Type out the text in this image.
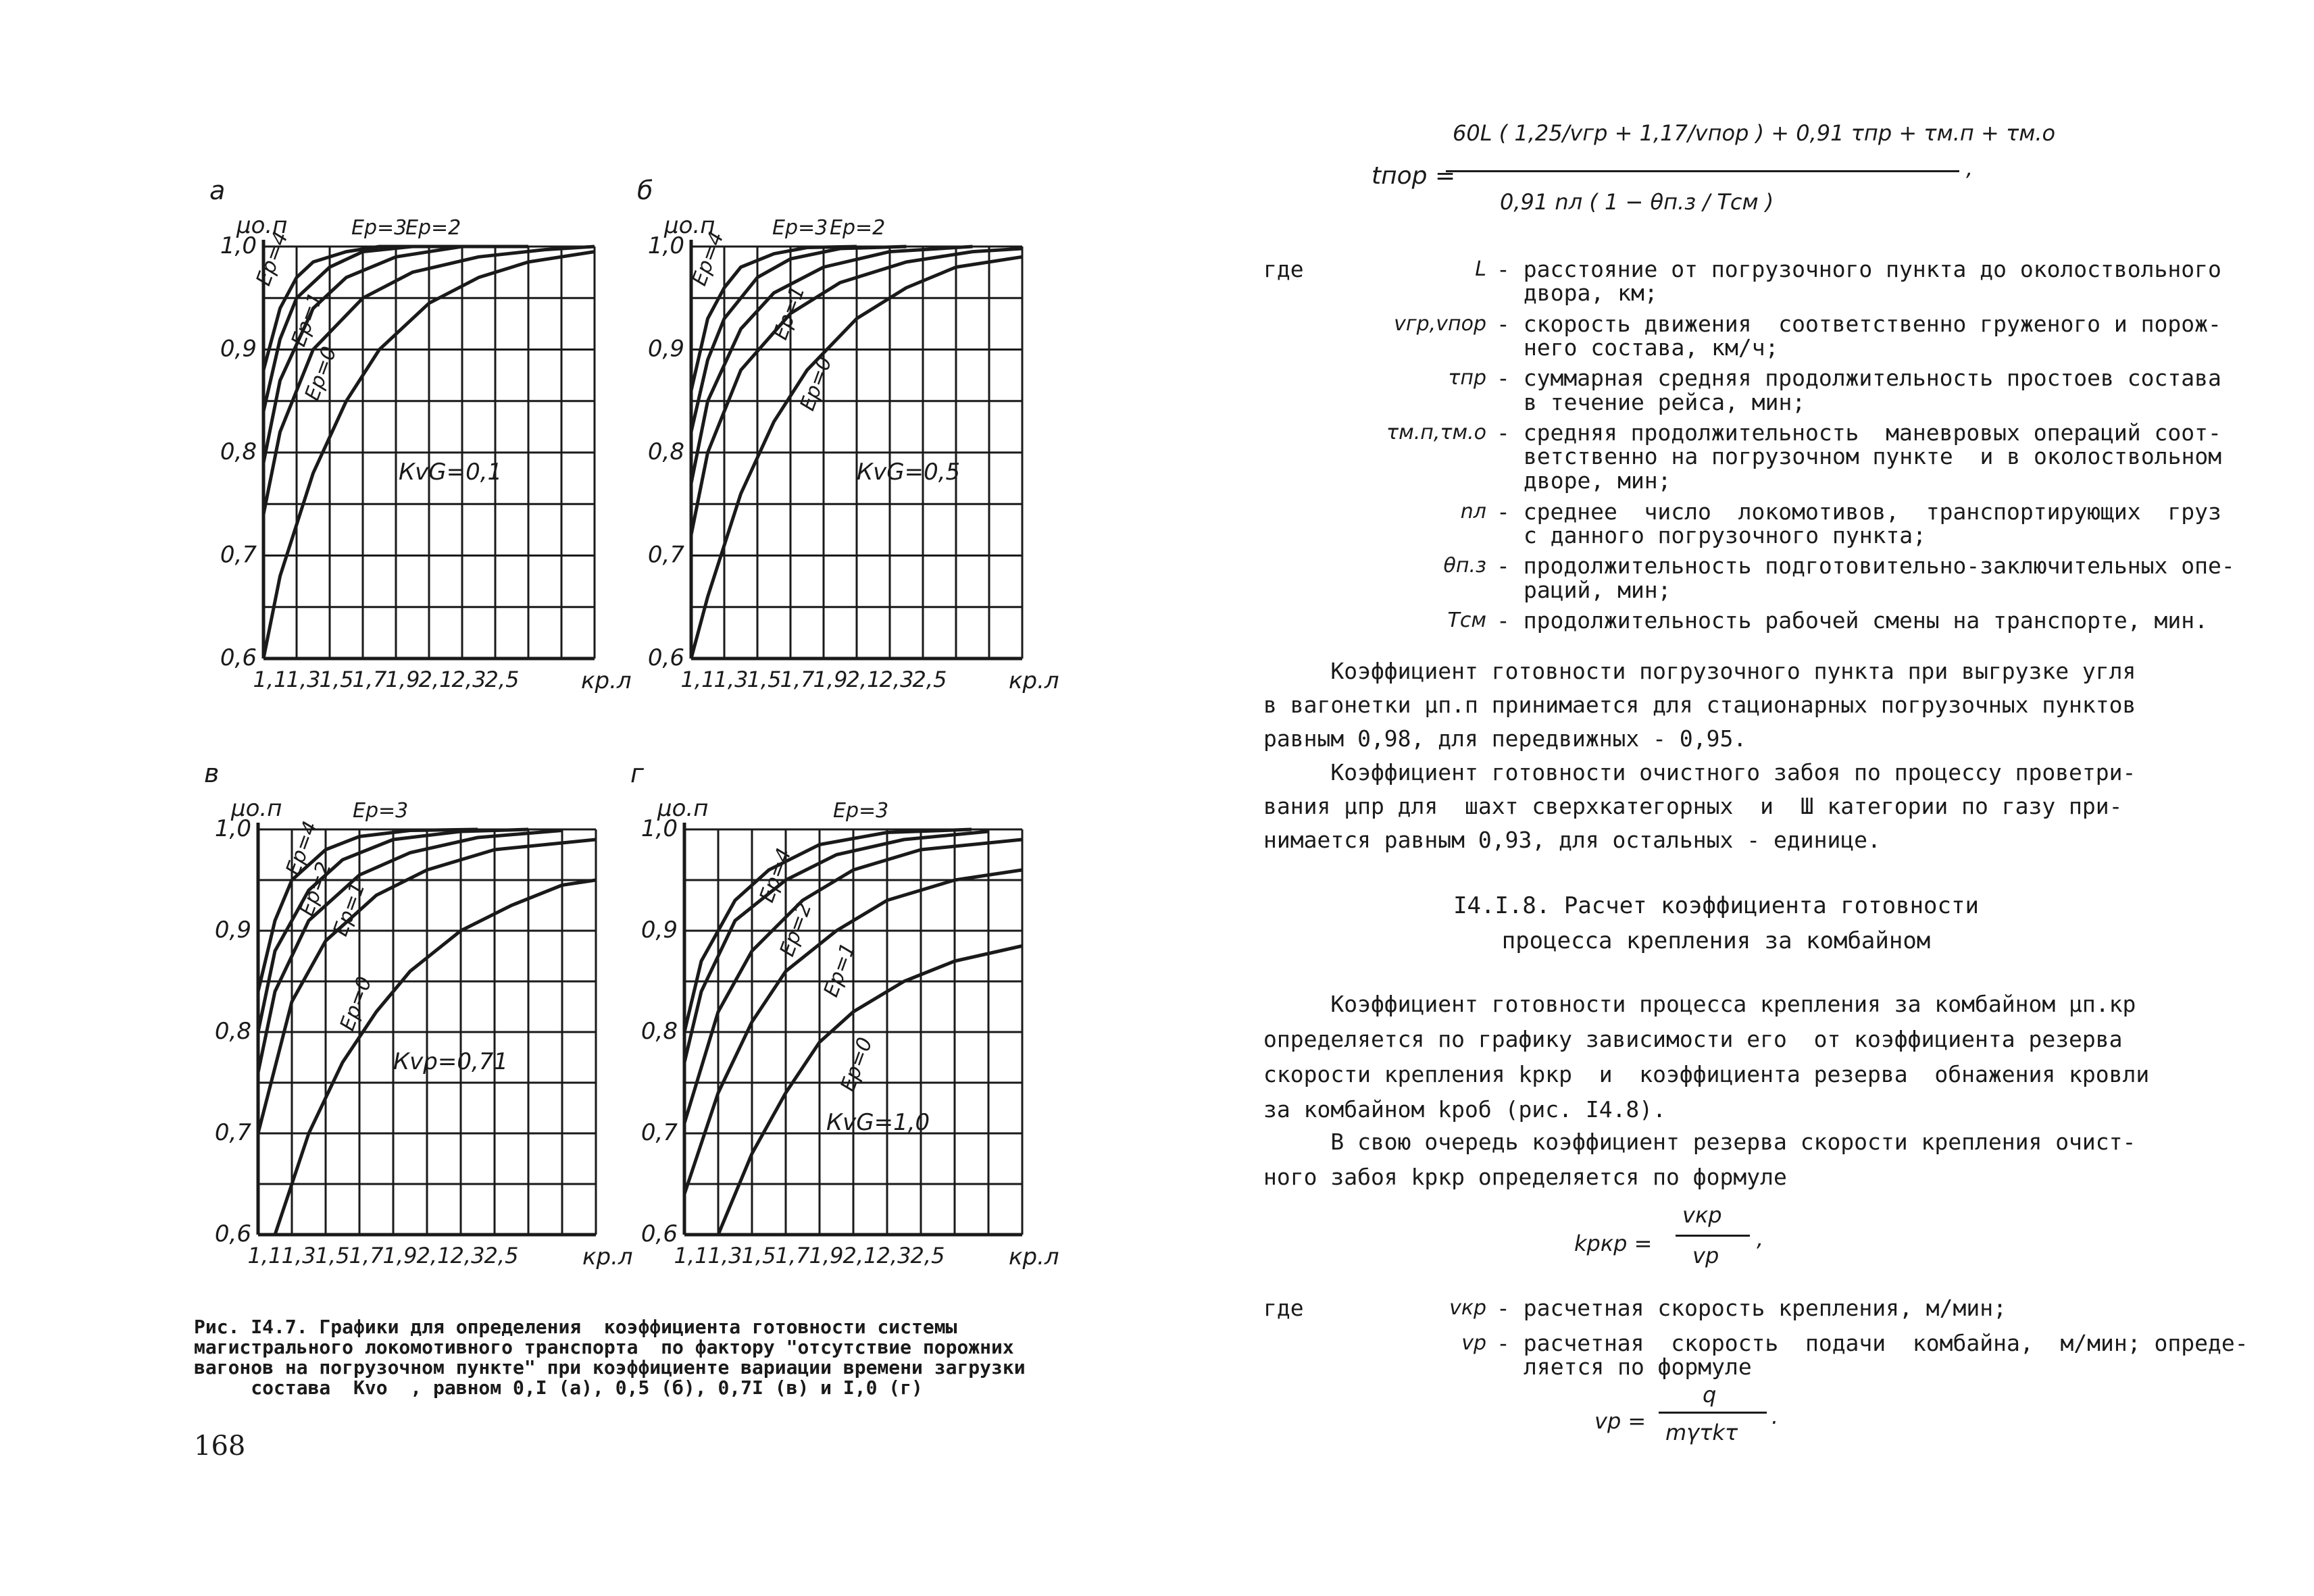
0,6
0,7
0,8
0,9
1,0
1,1
1,3
1,5
1,7
1,9
2,1
2,3
2,5	кр.л
μо.п
а
Ep=4
Ep=3
Ep=2
Ep=1
Ep=0
КvG=0,1
0,6
0,7
0,8
0,9
1,0
1,1
1,3
1,5
1,7
1,9
2,1
2,3
2,5	кр.л
μо.п
б
Ep=4
Ep=3 Ep=2
Ep=1
Ep=0
КvG=0,5
0,6
0,7
0,8
0,9
1,0
1,1 1,3 1,5 1,7 1,9 2,1 2,3 2,5	кр.л
μо.п
в
Ep=4
Ep=3
Ep=2
Ep=1
Ep=0
Кvр=0,71
0,6
0,7
0,8
0,9
1,0
1,1 1,3 1,5 1,7 1,9 2,1 2,3 2,5	кр.л
μо.п
г
Ep=4
Ep=3
Ep=2
Ep=1
Ep=0
КvG=1,0
168
Рис. I4.7. Графики для определения  коэффициента готовности системы
магистрального локомотивного транспорта  по фактору "отсутствие порожних
вагонов на погрузочном пункте" при коэффициенте вариации времени загрузки
состава  Кvо  , равном 0,I (а), 0,5 (б), 0,7I (в) и I,0 (г)
tпор =
60L ( 1,25/vгр + 1,17/vпор ) + 0,91 τпр + τм.п + τм.о
0,91 nл ( 1 − θп.з / Tсм )
,
где	L - расстояние от погрузочного пункта до околоствольного
двора, км;
vгр,vпор - скорость движения  соответственно груженого и порож-
него состава, км/ч;
τпр - суммарная средняя продолжительность простоев состава
в течение рейса, мин;
τм.п,τм.о - средняя продолжительность  маневровых операций соот-
ветственно на погрузочном пункте  и в околоствольном
дворе, мин;
nл - среднее  число  локомотивов,  транспортирующих  груз
с данного погрузочного пункта;
θп.з - продолжительность подготовительно-заключительных опе-
раций, мин;
Tсм - продолжительность рабочей смены на транспорте, мин.
Коэффициент готовности погрузочного пункта при выгрузке угля
в вагонетки μп.п принимается для стационарных погрузочных пунктов
равным 0,98, для передвижных - 0,95.
Коэффициент готовности очистного забоя по процессу проветри-
вания μпр для  шахт сверхкатегорных  и  Ш категории по газу при-
нимается равным 0,93, для остальных - единице.
I4.I.8. Расчет коэффициента готовности
процесса крепления за комбайном
Коэффициент готовности процесса крепления за комбайном μп.кр
определяется по графику зависимости его  от коэффициента резерва
скорости крепления kркр  и  коэффициента резерва  обнажения кровли
за комбайном kроб (рис. I4.8).
В свою очередь коэффициент резерва скорости крепления очист-
ного забоя kркр определяется по формуле
kркр =
vкр
vр
,
где	vкр - расчетная скорость крепления, м/мин;
vр - расчетная  скорость  подачи  комбайна,  м/мин; опреде-
ляется по формуле
vр =
q
mγτkτ
.
